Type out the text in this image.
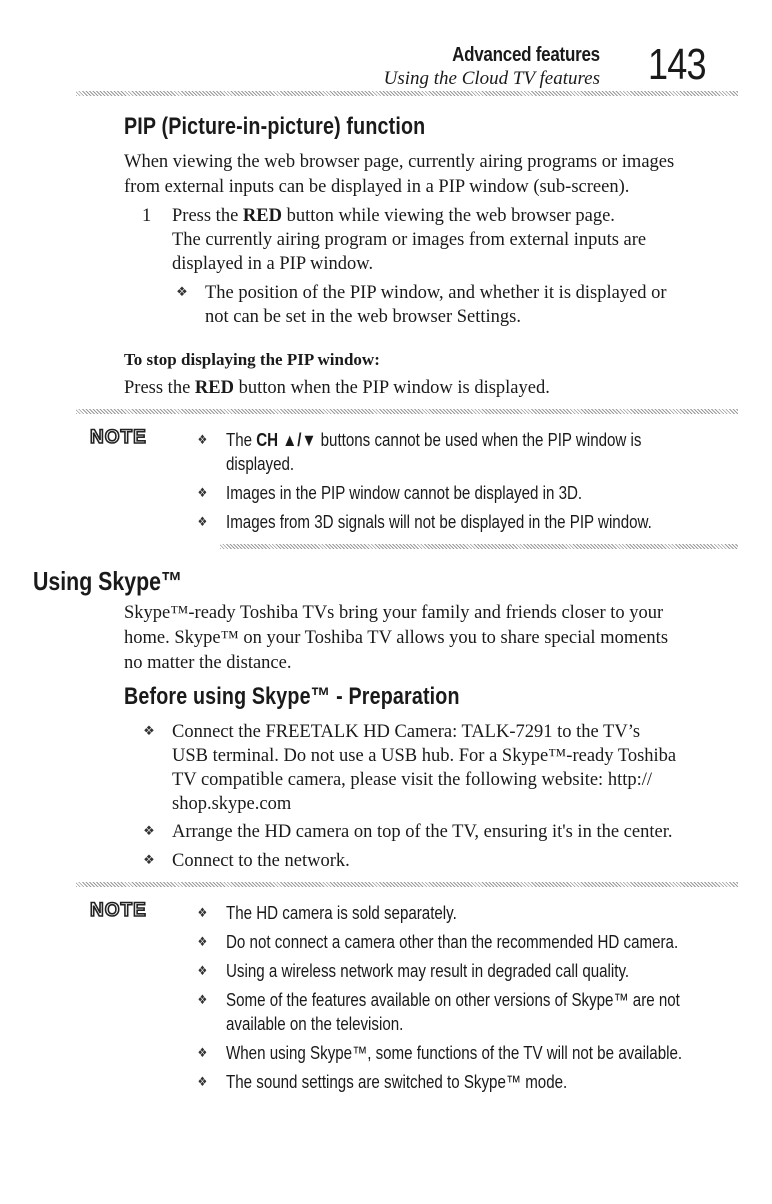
Advanced features
Using the Cloud TV features 143
PIP (Picture-in-picture) function
When viewing the web browser page, currently airing programs or images
from external inputs can be displayed in a PIP window (sub-screen).
1 Press the RED button while viewing the web browser page.
The currently airing program or images from external inputs are
displayed in a PIP window.
❖ The position of the PIP window, and whether it is displayed or
not can be set in the web browser Settings.
To stop displaying the PIP window:
Press the RED button when the PIP window is displayed.
NOTE	❖ The CH ▲/▼ buttons cannot be used when the PIP window is
displayed.
❖ Images in the PIP window cannot be displayed in 3D.
❖ Images from 3D signals will not be displayed in the PIP window.
Using Skype™
Skype™-ready Toshiba TVs bring your family and friends closer to your
home. Skype™ on your Toshiba TV allows you to share special moments
no matter the distance.
Before using Skype™ - Preparation
❖ Connect the FREETALK HD Camera: TALK-7291 to the TV’s
USB terminal. Do not use a USB hub. For a Skype™-ready Toshiba
TV compatible camera, please visit the following website: http://
shop.skype.com
❖ Arrange the HD camera on top of the TV, ensuring it's in the center.
❖ Connect to the network.
NOTE	❖ The HD camera is sold separately.
❖ Do not connect a camera other than the recommended HD camera.
❖ Using a wireless network may result in degraded call quality.
❖ Some of the features available on other versions of Skype™ are not
available on the television.
❖ When using Skype™, some functions of the TV will not be available.
❖ The sound settings are switched to Skype™ mode.
